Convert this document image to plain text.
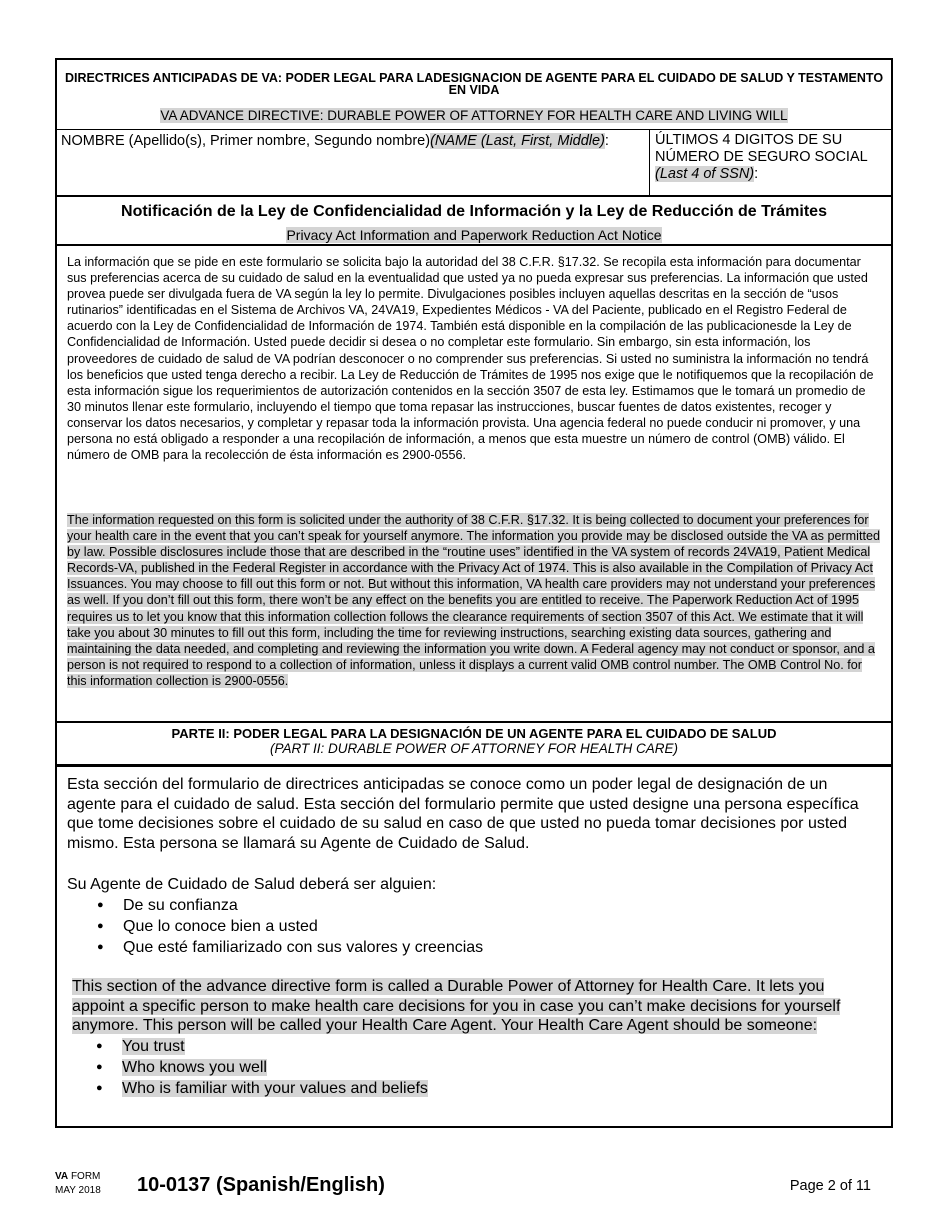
DIRECTRICES ANTICIPADAS DE VA: PODER LEGAL PARA LADESIGNACION DE AGENTE PARA EL CUIDADO DE SALUD Y TESTAMENTO EN VIDA
VA ADVANCE DIRECTIVE: DURABLE POWER OF ATTORNEY FOR HEALTH CARE AND LIVING WILL
NOMBRE (Apellido(s), Primer nombre, Segundo nombre)(NAME (Last, First, Middle):	ÚLTIMOS 4 DIGITOS DE SU NÚMERO DE SEGURO SOCIAL
(Last 4 of SSN):
Notificación de la Ley de Confidencialidad de Información y la Ley de Reducción de Trámites
Privacy Act Information and Paperwork Reduction Act Notice
La información que se pide en este formulario se solicita bajo la autoridad del 38 C.F.R. §17.32. Se recopila esta información para documentar sus preferencias acerca de su cuidado de salud en la eventualidad que usted ya no pueda expresar sus preferencias. La información que usted provea puede ser divulgada fuera de VA según la ley lo permite. Divulgaciones posibles incluyen aquellas descritas en la sección de “usos rutinarios” identificadas en el Sistema de Archivos VA, 24VA19, Expedientes Médicos - VA del Paciente, publicado en el Registro Federal de acuerdo con la Ley de Confidencialidad de Información de 1974. También está disponible en la compilación de las publicacionesde la Ley de Confidencialidad de Información. Usted puede decidir si desea o no completar este formulario. Sin embargo, sin esta información, los proveedores de cuidado de salud de VA podrían desconocer o no comprender sus preferencias. Si usted no suministra la información no tendrá los beneficios que usted tenga derecho a recibir. La Ley de Reducción de Trámites de 1995 nos exige que le notifiquemos que la recopilación de esta información sigue los requerimientos de autorización contenidos en la sección 3507 de esta ley. Estimamos que le tomará un promedio de 30 minutos llenar este formulario, incluyendo el tiempo que toma repasar las instrucciones, buscar fuentes de datos existentes, recoger y conservar los datos necesarios, y completar y repasar toda la información provista. Una agencia federal no puede conducir ni promover, y una persona no está obligado a responder a una recopilación de información, a menos que esta muestre un número de control (OMB) válido. El número de OMB para la recolección de ésta información es 2900-0556.
The information requested on this form is solicited under the authority of 38 C.F.R. §17.32. It is being collected to document your preferences for your health care in the event that you can’t speak for yourself anymore. The information you provide may be disclosed outside the VA as permitted by law. Possible disclosures include those that are described in the “routine uses” identified in the VA system of records 24VA19, Patient Medical Records-VA, published in the Federal Register in accordance with the Privacy Act of 1974. This is also available in the Compilation of Privacy Act Issuances. You may choose to fill out this form or not. But without this information, VA health care providers may not understand your preferences as well. If you don’t fill out this form, there won’t be any effect on the benefits you are entitled to receive. The Paperwork Reduction Act of 1995 requires us to let you know that this information collection follows the clearance requirements of section 3507 of this Act. We estimate that it will take you about 30 minutes to fill out this form, including the time for reviewing instructions, searching existing data sources, gathering and maintaining the data needed, and completing and reviewing the information you write down. A Federal agency may not conduct or sponsor, and a person is not required to respond to a collection of information, unless it displays a current valid OMB control number. The OMB Control No. for this information collection is 2900-0556.
PARTE II: PODER LEGAL PARA LA DESIGNACIÓN DE UN AGENTE PARA EL CUIDADO DE SALUD
(PART II: DURABLE POWER OF ATTORNEY FOR HEALTH CARE)
Esta sección del formulario de directrices anticipadas se conoce como un poder legal de designación de un agente para el cuidado de salud. Esta sección del formulario permite que usted designe una persona específica que tome decisiones sobre el cuidado de su salud en caso de que usted no pueda tomar decisiones por usted mismo. Esta persona se llamará su Agente de Cuidado de Salud.
Su Agente de Cuidado de Salud deberá ser alguien:
● De su confianza
● Que lo conoce bien a usted
● Que esté familiarizado con sus valores y creencias
This section of the advance directive form is called a Durable Power of Attorney for Health Care. It lets you appoint a specific person to make health care decisions for you in case you can’t make decisions for yourself anymore. This person will be called your Health Care Agent. Your Health Care Agent should be someone:
● You trust
● Who knows you well
● Who is familiar with your values and beliefs
VA FORM
MAY 2018 10-0137 (Spanish/English)	Page 2 of 11
